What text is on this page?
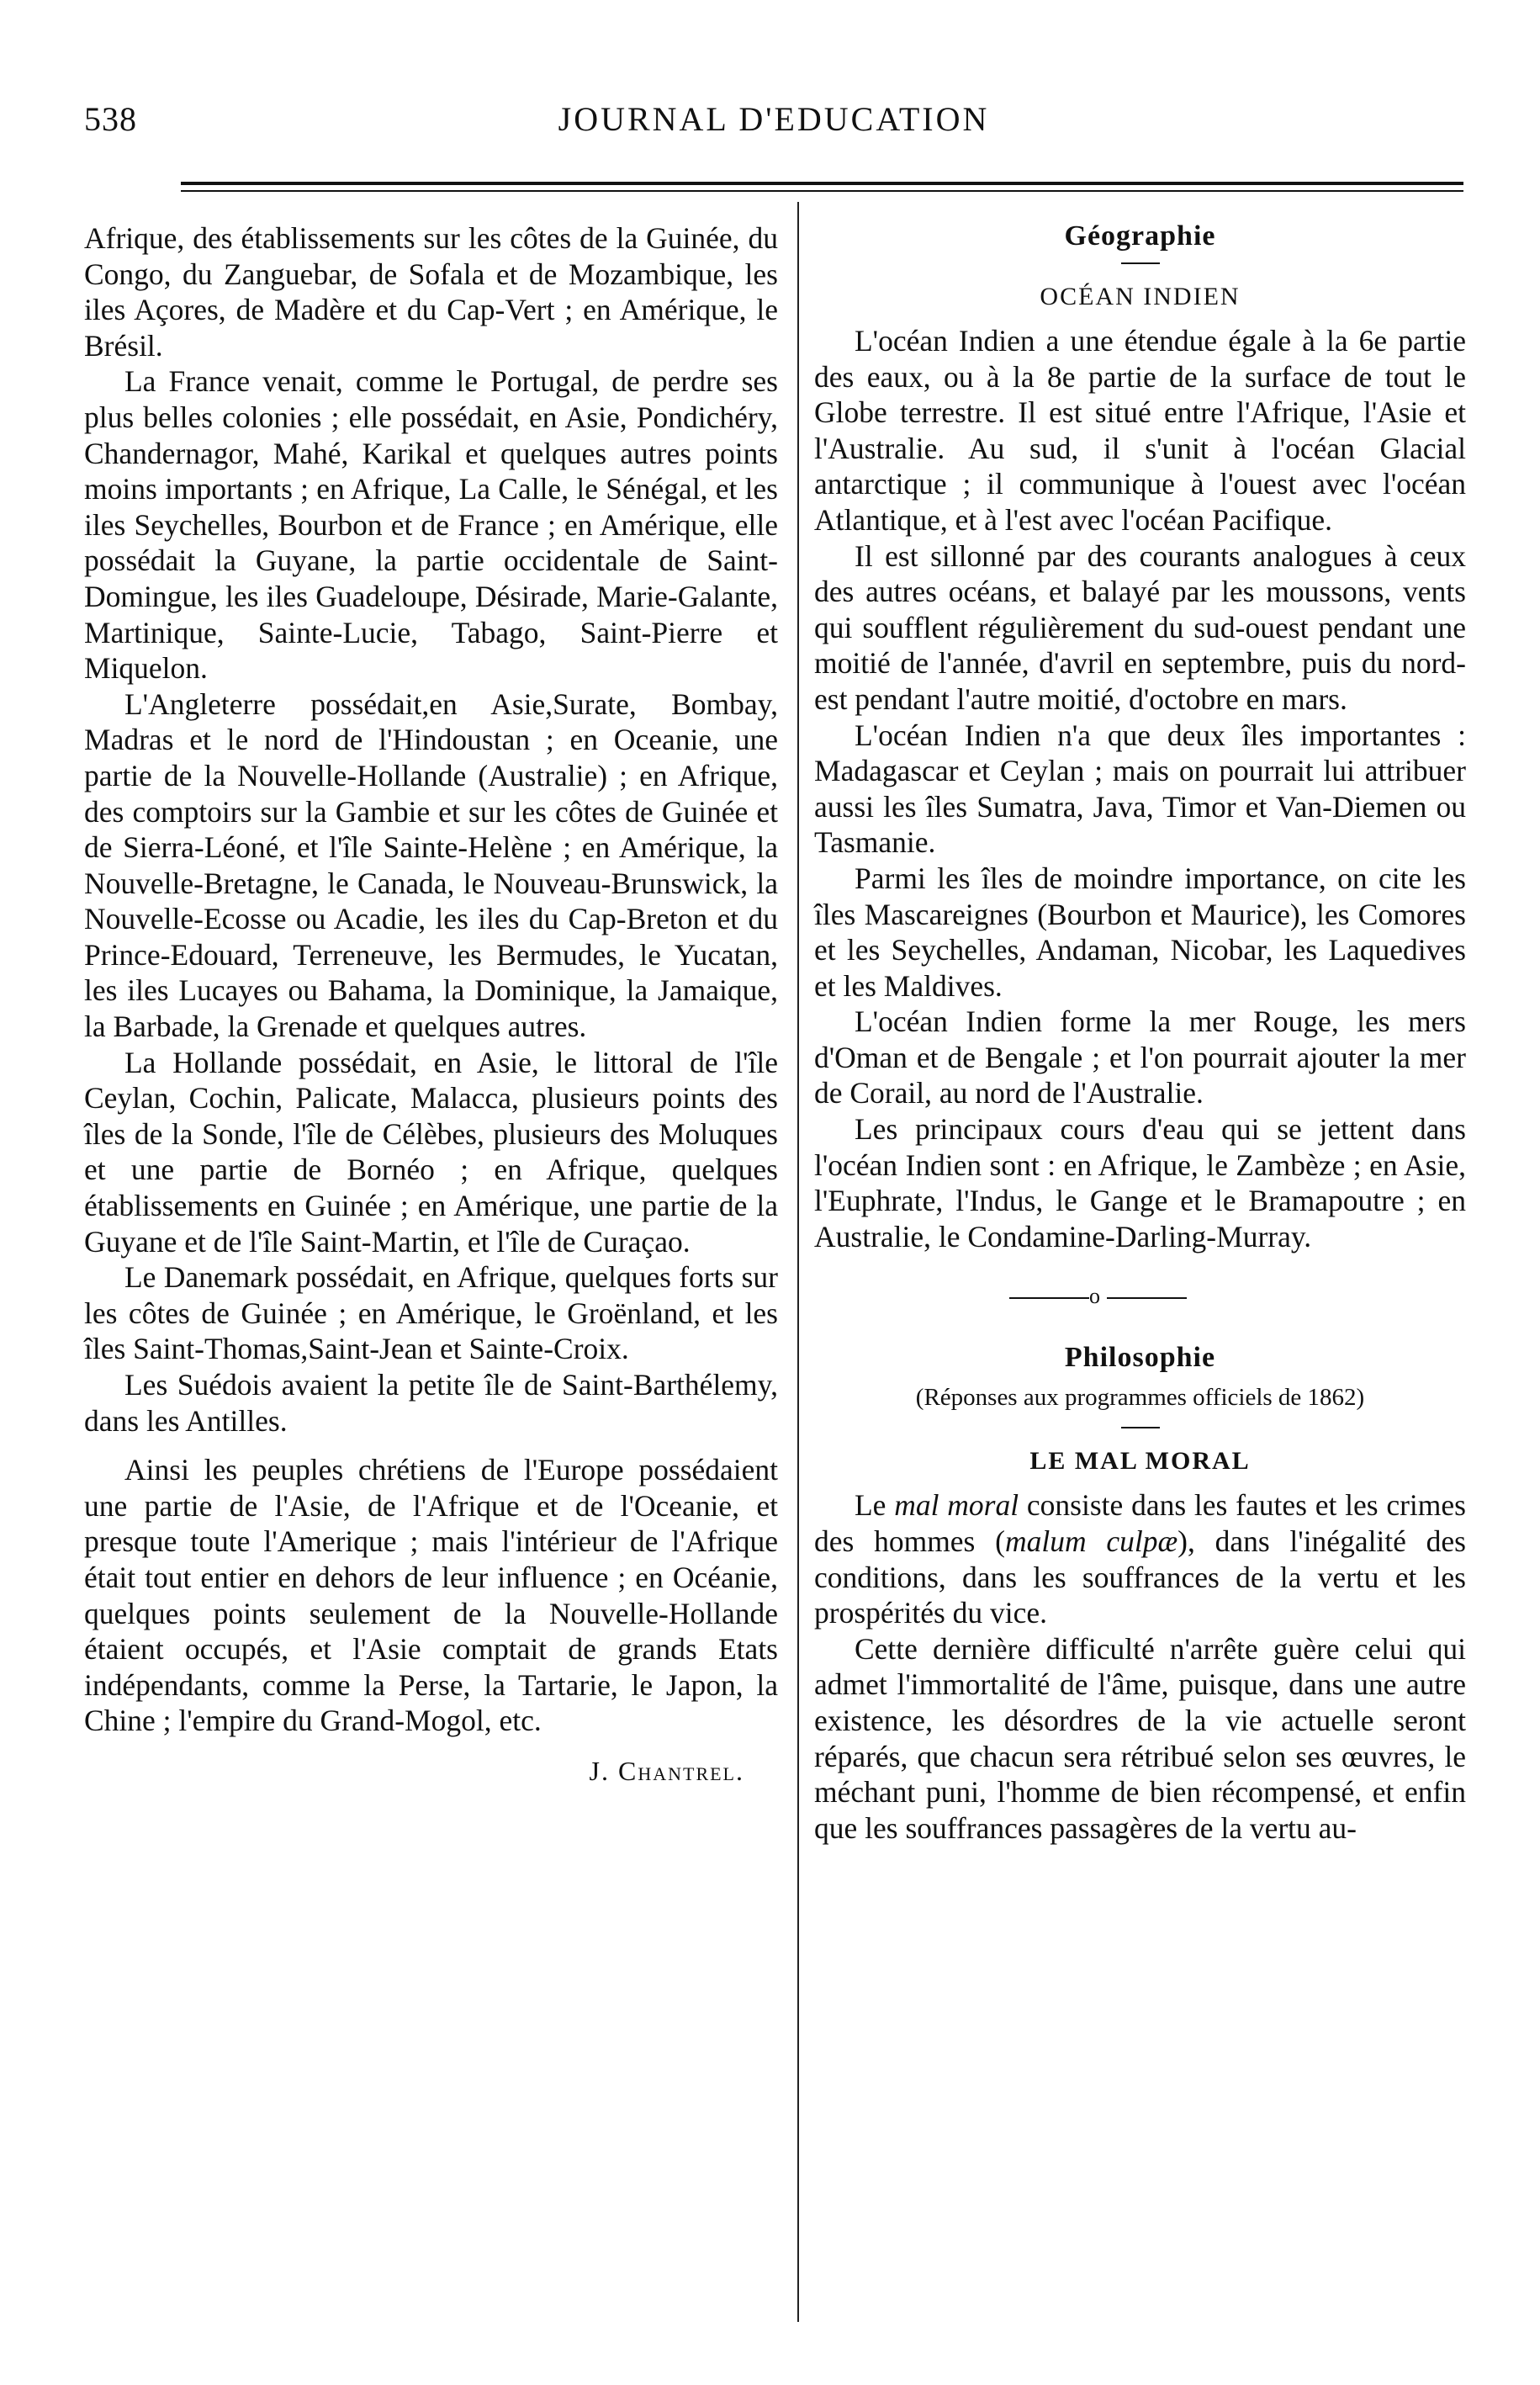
538	JOURNAL D'EDUCATION

Afrique, des établissements sur les côtes de la Guinée, du Congo, du Zanguebar, de Sofala et de Mozambique, les iles Açores, de Madère et du Cap-Vert ; en Amérique, le Brésil.

La France venait, comme le Portugal, de perdre ses plus belles colonies ; elle possédait, en Asie, Pondichéry, Chandernagor, Mahé, Karikal et quelques autres points moins importants ; en Afrique, La Calle, le Sénégal, et les iles Seychelles, Bourbon et de France ; en Amérique, elle possédait la Guyane, la partie occidentale de Saint-Domingue, les iles Guadeloupe, Désirade, Marie-Galante, Martinique, Sainte-Lucie, Tabago, Saint-Pierre et Miquelon.

L'Angleterre possédait,en Asie,Surate, Bombay, Madras et le nord de l'Hindoustan ; en Oceanie, une partie de la Nouvelle-Hollande (Australie) ; en Afrique, des comptoirs sur la Gambie et sur les côtes de Guinée et de Sierra-Léoné, et l'île Sainte-Helène ; en Amérique, la Nouvelle-Bretagne, le Canada, le Nouveau-Brunswick, la Nouvelle-Ecosse ou Acadie, les iles du Cap-Breton et du Prince-Edouard, Terreneuve, les Bermudes, le Yucatan, les iles Lucayes ou Bahama, la Dominique, la Jamaique, la Barbade, la Grenade et quelques autres.

La Hollande possédait, en Asie, le littoral de l'île Ceylan, Cochin, Palicate, Malacca, plusieurs points des îles de la Sonde, l'île de Célèbes, plusieurs des Moluques et une partie de Bornéo ; en Afrique, quelques établissements en Guinée ; en Amérique, une partie de la Guyane et de l'île Saint-Martin, et l'île de Curaçao.

Le Danemark possédait, en Afrique, quelques forts sur les côtes de Guinée ; en Amérique, le Groënland, et les îles Saint-Thomas,Saint-Jean et Sainte-Croix.

Les Suédois avaient la petite île de Saint-Barthélemy, dans les Antilles.

Ainsi les peuples chrétiens de l'Europe possédaient une partie de l'Asie, de l'Afrique et de l'Oceanie, et presque toute l'Amerique ; mais l'intérieur de l'Afrique était tout entier en dehors de leur influence ; en Océanie, quelques points seulement de la Nouvelle-Hollande étaient occupés, et l'Asie comptait de grands Etats indépendants, comme la Perse, la Tartarie, le Japon, la Chine ; l'empire du Grand-Mogol, etc.

J. Chantrel.
Géographie
OCÉAN INDIEN

L'océan Indien a une étendue égale à la 6e partie des eaux, ou à la 8e partie de la surface de tout le Globe terrestre. Il est situé entre l'Afrique, l'Asie et l'Australie. Au sud, il s'unit à l'océan Glacial antarctique ; il communique à l'ouest avec l'océan Atlantique, et à l'est avec l'océan Pacifique.

Il est sillonné par des courants analogues à ceux des autres océans, et balayé par les moussons, vents qui soufflent régulièrement du sud-ouest pendant une moitié de l'année, d'avril en septembre, puis du nord-est pendant l'autre moitié, d'octobre en mars.

L'océan Indien n'a que deux îles importantes : Madagascar et Ceylan ; mais on pourrait lui attribuer aussi les îles Sumatra, Java, Timor et Van-Diemen ou Tasmanie.

Parmi les îles de moindre importance, on cite les îles Mascareignes (Bourbon et Maurice), les Comores et les Seychelles, Andaman, Nicobar, les Laquedives et les Maldives.

L'océan Indien forme la mer Rouge, les mers d'Oman et de Bengale ; et l'on pourrait ajouter la mer de Corail, au nord de l'Australie.

Les principaux cours d'eau qui se jettent dans l'océan Indien sont : en Afrique, le Zambèze ; en Asie, l'Euphrate, l'Indus, le Gange et le Bramapoutre ; en Australie, le Condamine-Darling-Murray.

o
Philosophie
(Réponses aux programmes officiels de 1862)
LE MAL MORAL

Le mal moral consiste dans les fautes et les crimes des hommes (malum culpæ), dans l'inégalité des conditions, dans les souffrances de la vertu et les prospérités du vice.

Cette dernière difficulté n'arrête guère celui qui admet l'immortalité de l'âme, puisque, dans une autre existence, les désordres de la vie actuelle seront réparés, que chacun sera rétribué selon ses œuvres, le méchant puni, l'homme de bien récompensé, et enfin que les souffrances passagères de la vertu au-
